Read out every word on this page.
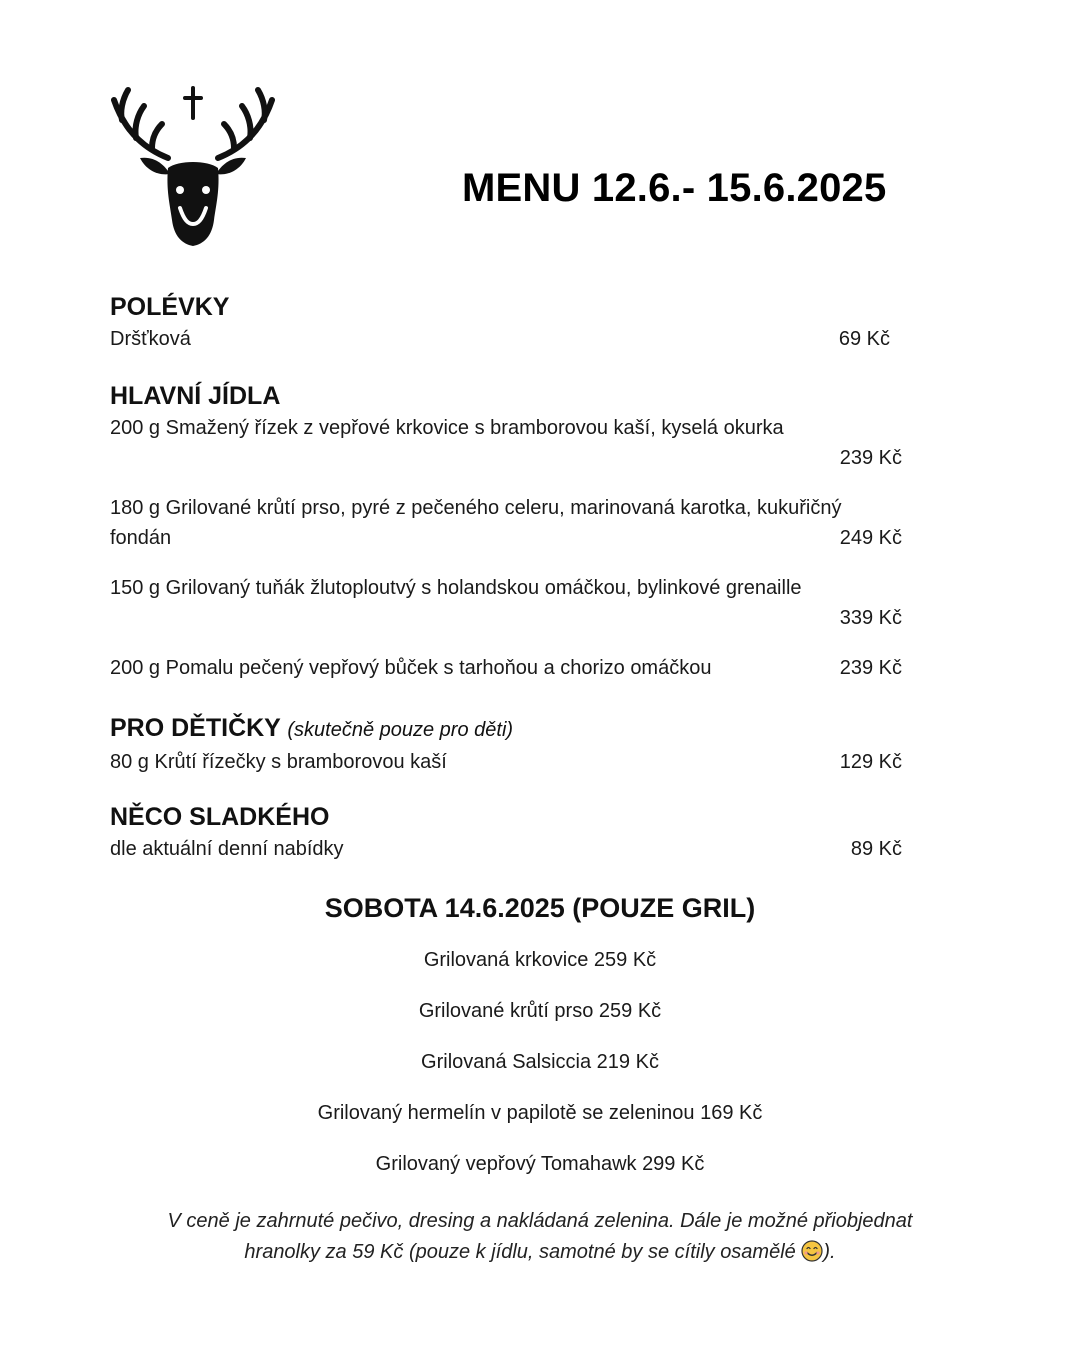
MENU 12.6.- 15.6.2025
POLÉVKY
Dršťková	69 Kč
HLAVNÍ JÍDLA
200 g Smažený řízek z vepřové krkovice s bramborovou kaší, kyselá okurka
239 Kč
180 g Grilované krůtí prso, pyré z pečeného celeru, marinovaná karotka, kukuřičný
fondán	249 Kč
150 g Grilovaný tuňák žlutoploutvý s holandskou omáčkou, bylinkové grenaille
339 Kč
200 g Pomalu pečený vepřový bůček s tarhoňou a chorizo omáčkou	239 Kč
PRO DĚTIČKY (skutečně pouze pro děti)
80 g Krůtí řízečky s bramborovou kaší	129 Kč
NĚCO SLADKÉHO
dle aktuální denní nabídky	89 Kč
SOBOTA 14.6.2025 (POUZE GRIL)
Grilovaná krkovice 259 Kč
Grilované krůtí prso 259 Kč
Grilovaná Salsiccia 219 Kč
Grilovaný hermelín v papilotě se zeleninou 169 Kč
Grilovaný vepřový Tomahawk 299 Kč
V ceně je zahrnuté pečivo, dresing a nakládaná zelenina. Dále je možné přiobjednat
hranolky za 59 Kč (pouze k jídlu, samotné by se cítily osamělé ).
